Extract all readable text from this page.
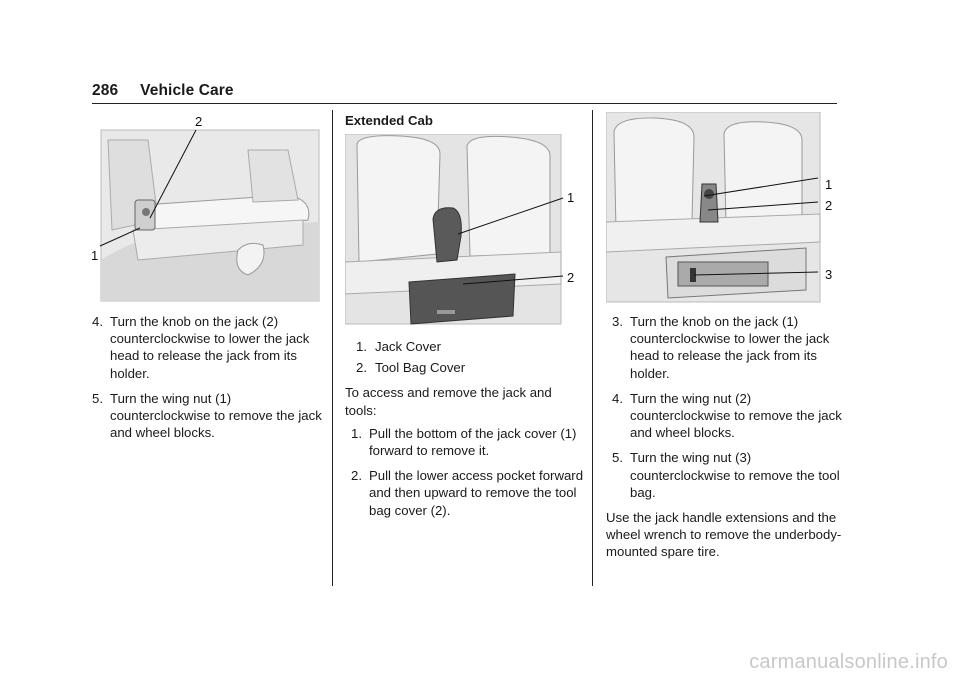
286 Vehicle Care
2
1
4. Turn the knob on the jack (2) counterclockwise to lower the jack head to release the jack from its holder.
5. Turn the wing nut (1) counterclockwise to remove the jack and wheel blocks.
Extended Cab
1
2
1. Jack Cover
2. Tool Bag Cover

To access and remove the jack and tools:

1. Pull the bottom of the jack cover (1) forward to remove it.
2. Pull the lower access pocket forward and then upward to remove the tool bag cover (2).
1
2
3
3. Turn the knob on the jack (1) counterclockwise to lower the jack head to release the jack from its holder.
4. Turn the wing nut (2) counterclockwise to remove the jack and wheel blocks.
5. Turn the wing nut (3) counterclockwise to remove the tool bag.

Use the jack handle extensions and the wheel wrench to remove the underbody-mounted spare tire.

carmanualsonline.info
